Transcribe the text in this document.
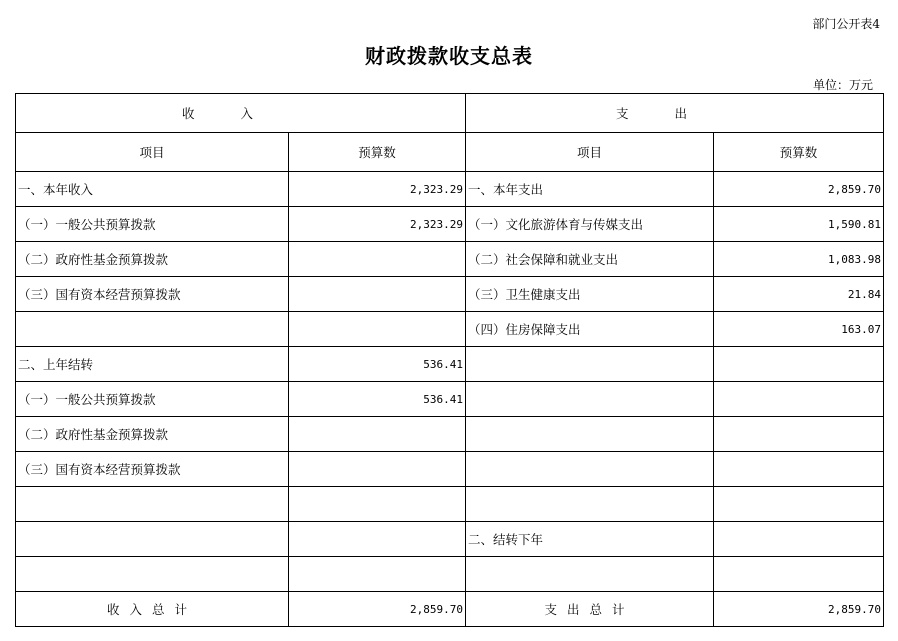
部门公开表4
财政拨款收支总表
单位：万元
收入		支出	
项目	预算数	项目	预算数
一、本年收入	2,323.29	一、本年支出	2,859.70
（一）一般公共预算拨款	2,323.29	（一）文化旅游体育与传媒支出	1,590.81
（二）政府性基金预算拨款		（二）社会保障和就业支出	1,083.98
（三）国有资本经营预算拨款		（三）卫生健康支出	21.84
		（四）住房保障支出	163.07
二、上年结转	536.41		
（一）一般公共预算拨款	536.41		
（二）政府性基金预算拨款			
（三）国有资本经营预算拨款			

		二、结转下年	

收入总计	2,859.70	支出总计	2,859.70
